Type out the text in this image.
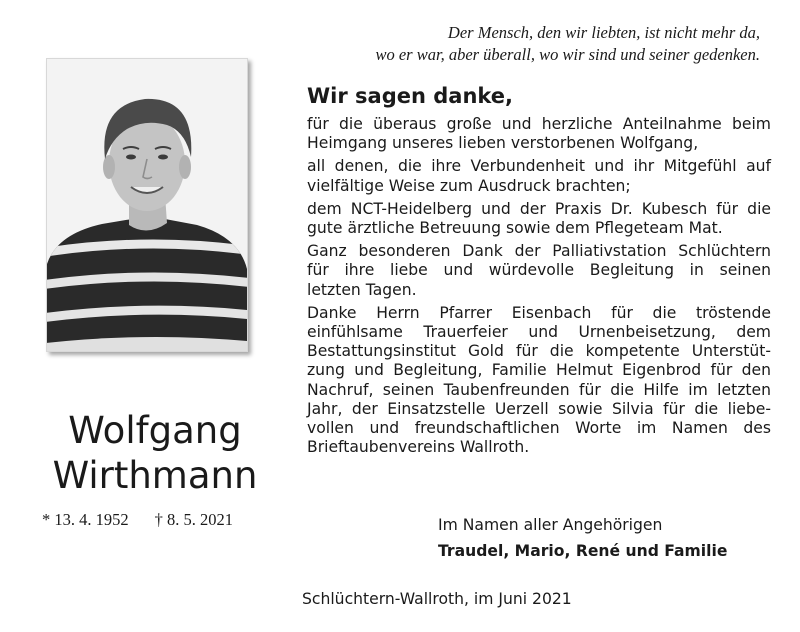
Der Mensch, den wir liebten, ist nicht mehr da,
wo er war, aber überall, wo wir sind und seiner gedenken.
Wir sagen danke,
für die überaus große und herzliche Anteilnahme beim
Heimgang unseres lieben verstorbenen Wolfgang,
all denen, die ihre Verbundenheit und ihr Mitgefühl auf
vielfältige Weise zum Ausdruck brachten;
dem NCT-Heidelberg und der Praxis Dr. Kubesch für die
gute ärztliche Betreuung sowie dem Pflegeteam Mat.
Ganz besonderen Dank der Palliativstation Schlüchtern
für ihre liebe und würdevolle Begleitung in seinen
letzten Tagen.
Danke Herrn Pfarrer Eisenbach für die tröstende
einfühlsame Trauerfeier und Urnenbeisetzung, dem
Bestattungsinstitut Gold für die kompetente Unterstüt-
zung und Begleitung, Familie Helmut Eigenbrod für den
Nachruf, seinen Taubenfreunden für die Hilfe im letzten
Jahr, der Einsatzstelle Uerzell sowie Silvia für die liebe-
vollen und freundschaftlichen Worte im Namen des
Brieftaubenvereins Wallroth.
Wolfgang
Wirthmann
* 13. 4. 1952 † 8. 5. 2021	Im Namen aller Angehörigen
Traudel, Mario, René und Familie
Schlüchtern-Wallroth, im Juni 2021
